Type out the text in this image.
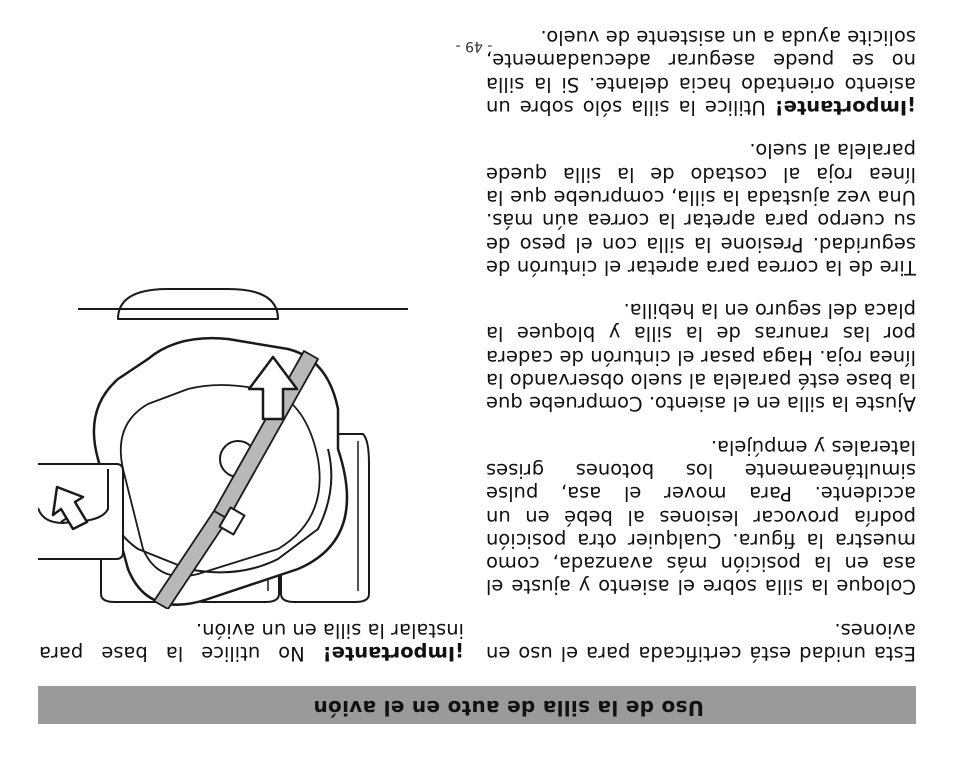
Uso de la silla de auto en el avión

Esta unidad está certificada para el uso en aviones.

Coloque la silla sobre el asiento y ajuste el asa en la posición más avanzada, como muestra la figura. Cualquier otra posición podría provocar lesiones al bebé en un accidente. Para mover el asa, pulse simultáneamente los botones grises laterales y empújela.

Ajuste la silla en el asiento. Compruebe que la base esté paralela al suelo observando la línea roja. Haga pasar el cinturón de cadera por las ranuras de la silla y bloquee la placa del seguro en la hebilla.

Tire de la correa para apretar el cinturón de seguridad. Presione la silla con el peso de su cuerpo para apretar la correa aún más. Una vez ajustada la silla, compruebe que la línea roja al costado de la silla quede paralela al suelo.

¡Importante! Utilice la silla sólo sobre un asiento orientado hacia delante. Si la silla no se puede asegurar adecuadamente, solicite ayuda a un asistente de vuelo.

¡Importante! No utilice la base para instalar la silla en un avión.

- 49 -
